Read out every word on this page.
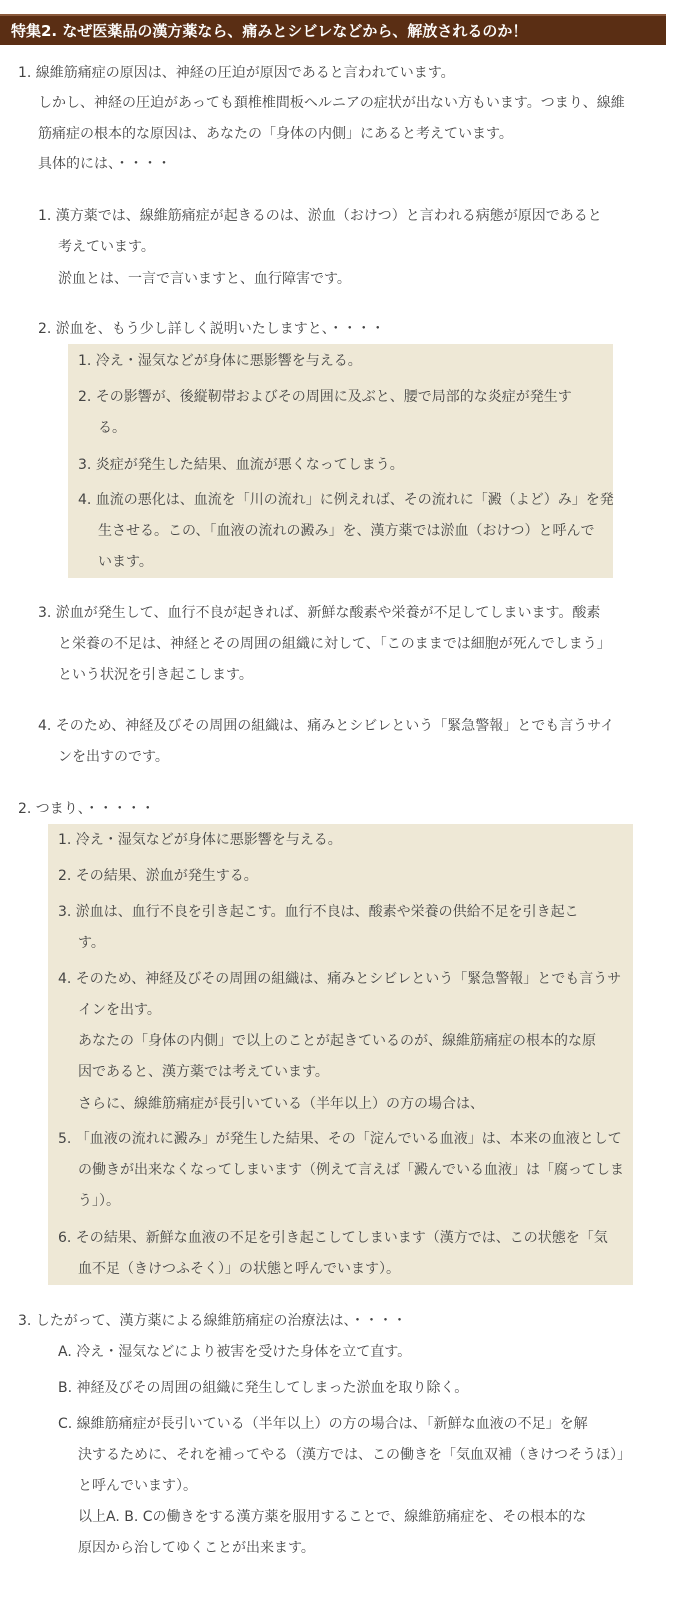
特集2. なぜ医薬品の漢方薬なら、痛みとシビレなどから、解放されるのか！
1. 線維筋痛症の原因は、神経の圧迫が原因であると言われています。
しかし、神経の圧迫があっても頚椎椎間板ヘルニアの症状が出ない方もいます。つまり、線維
筋痛症の根本的な原因は、あなたの「身体の内側」にあると考えています。
具体的には、・・・・
1. 漢方薬では、線維筋痛症が起きるのは、淤血（おけつ）と言われる病態が原因であると
考えています。
淤血とは、一言で言いますと、血行障害です。
2. 淤血を、もう少し詳しく説明いたしますと、・・・・
1. 冷え・湿気などが身体に悪影響を与える。
2. その影響が、後縦靭帯およびその周囲に及ぶと、腰で局部的な炎症が発生す
る。
3. 炎症が発生した結果、血流が悪くなってしまう。
4. 血流の悪化は、血流を「川の流れ」に例えれば、その流れに「澱（よど）み」を発
生させる。この、「血液の流れの澱み」を、漢方薬では淤血（おけつ）と呼んで
います。
3. 淤血が発生して、血行不良が起きれば、新鮮な酸素や栄養が不足してしまいます。酸素
と栄養の不足は、神経とその周囲の組織に対して、「このままでは細胞が死んでしまう」
という状況を引き起こします。
4. そのため、神経及びその周囲の組織は、痛みとシビレという「緊急警報」とでも言うサイ
ンを出すのです。
2. つまり、・・・・・
1. 冷え・湿気などが身体に悪影響を与える。
2. その結果、淤血が発生する。
3. 淤血は、血行不良を引き起こす。血行不良は、酸素や栄養の供給不足を引き起こ
す。
4. そのため、神経及びその周囲の組織は、痛みとシビレという「緊急警報」とでも言うサ
インを出す。
あなたの「身体の内側」で以上のことが起きているのが、線維筋痛症の根本的な原
因であると、漢方薬では考えています。
さらに、線維筋痛症が長引いている（半年以上）の方の場合は、
5. 「血液の流れに澱み」が発生した結果、その「淀んでいる血液」は、本来の血液として
の働きが出来なくなってしまいます（例えて言えば「澱んでいる血液」は「腐ってしま
う」）。
6. その結果、新鮮な血液の不足を引き起こしてしまいます（漢方では、この状態を「気
血不足（きけつふそく）」の状態と呼んでいます）。
3. したがって、漢方薬による線維筋痛症の治療法は、・・・・
A. 冷え・湿気などにより被害を受けた身体を立て直す。
B. 神経及びその周囲の組織に発生してしまった淤血を取り除く。
C. 線維筋痛症が長引いている（半年以上）の方の場合は、「新鮮な血液の不足」を解
決するために、それを補ってやる（漢方では、この働きを「気血双補（きけつそうほ）」
と呼んでいます）。
以上A. B. Cの働きをする漢方薬を服用することで、線維筋痛症を、その根本的な
原因から治してゆくことが出来ます。
